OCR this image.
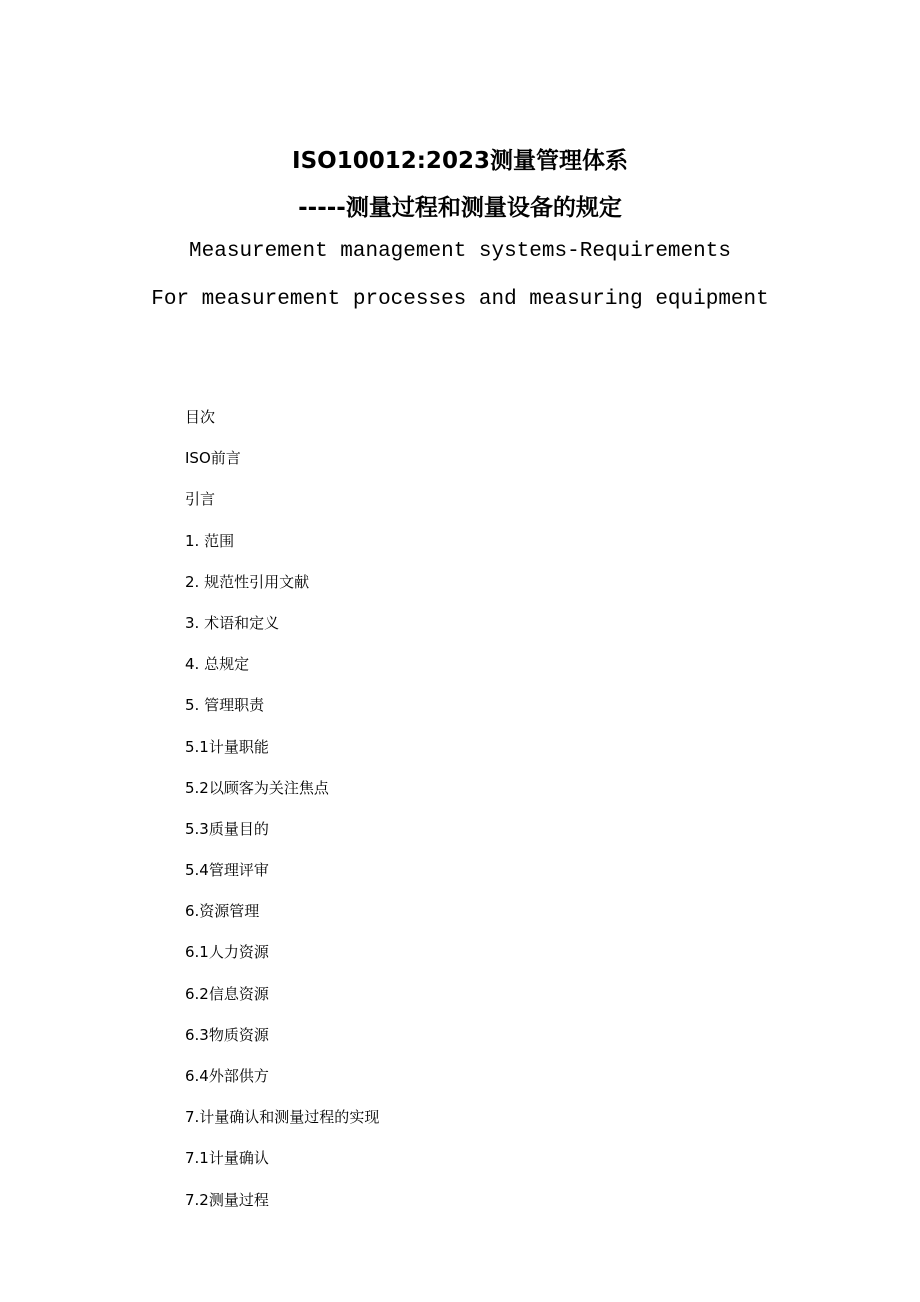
ISO10012:2023测量管理体系
-----测量过程和测量设备的规定
Measurement management systems-Requirements
For measurement processes and measuring equipment
目次
ISO前言
引言
1. 范围
2. 规范性引用文献
3. 术语和定义
4. 总规定
5. 管理职责
5.1计量职能
5.2以顾客为关注焦点
5.3质量目的
5.4管理评审
6.资源管理
6.1人力资源
6.2信息资源
6.3物质资源
6.4外部供方
7.计量确认和测量过程的实现
7.1计量确认
7.2测量过程
